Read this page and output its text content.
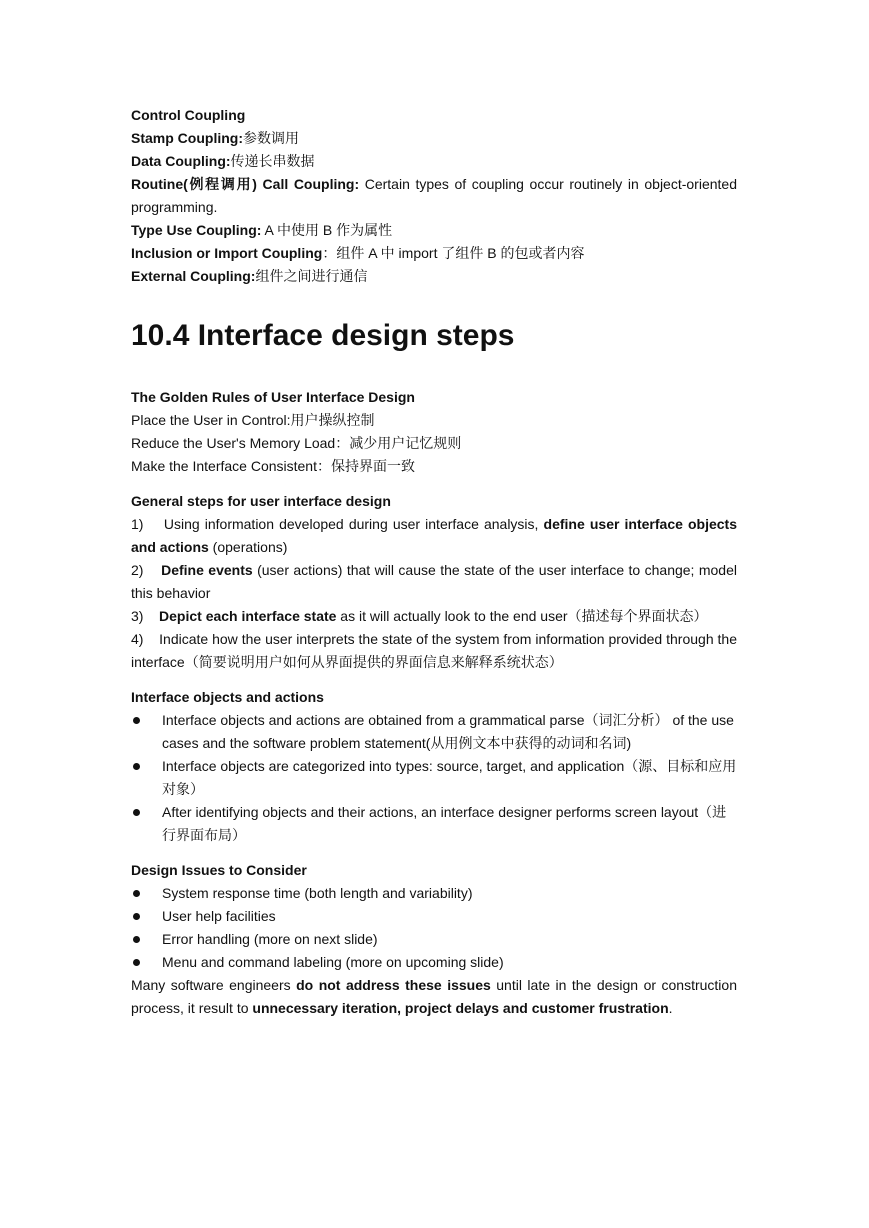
Control Coupling

Stamp Coupling:参数调用

Data Coupling:传递长串数据

Routine(例程调用) Call Coupling: Certain types of coupling occur routinely in object-oriented programming.

Type Use Coupling: A 中使用 B 作为属性

Inclusion or Import Coupling：组件 A 中 import 了组件 B 的包或者内容

External Coupling:组件之间进行通信

10.4 Interface design steps

The Golden Rules of User Interface Design

Place the User in Control:用户操纵控制

Reduce the User's Memory Load：减少用户记忆规则

Make the Interface Consistent：保持界面一致

General steps for user interface design

1) Using information developed during user interface analysis, define user interface objects and actions (operations)

2) Define events (user actions) that will cause the state of the user interface to change; model this behavior

3) Depict each interface state as it will actually look to the end user（描述每个界面状态）

4) Indicate how the user interprets the state of the system from information provided through the interface（简要说明用户如何从界面提供的界面信息来解释系统状态）

Interface objects and actions

Interface objects and actions are obtained from a grammatical parse（词汇分析） of the use cases and the software problem statement(从用例文本中获得的动词和名词)
Interface objects are categorized into types: source, target, and application（源、目标和应用对象）
After identifying objects and their actions, an interface designer performs screen layout（进行界面布局）

Design Issues to Consider

System response time (both length and variability)
User help facilities
Error handling (more on next slide)
Menu and command labeling (more on upcoming slide)

Many software engineers do not address these issues until late in the design or construction process, it result to unnecessary iteration, project delays and customer frustration.
